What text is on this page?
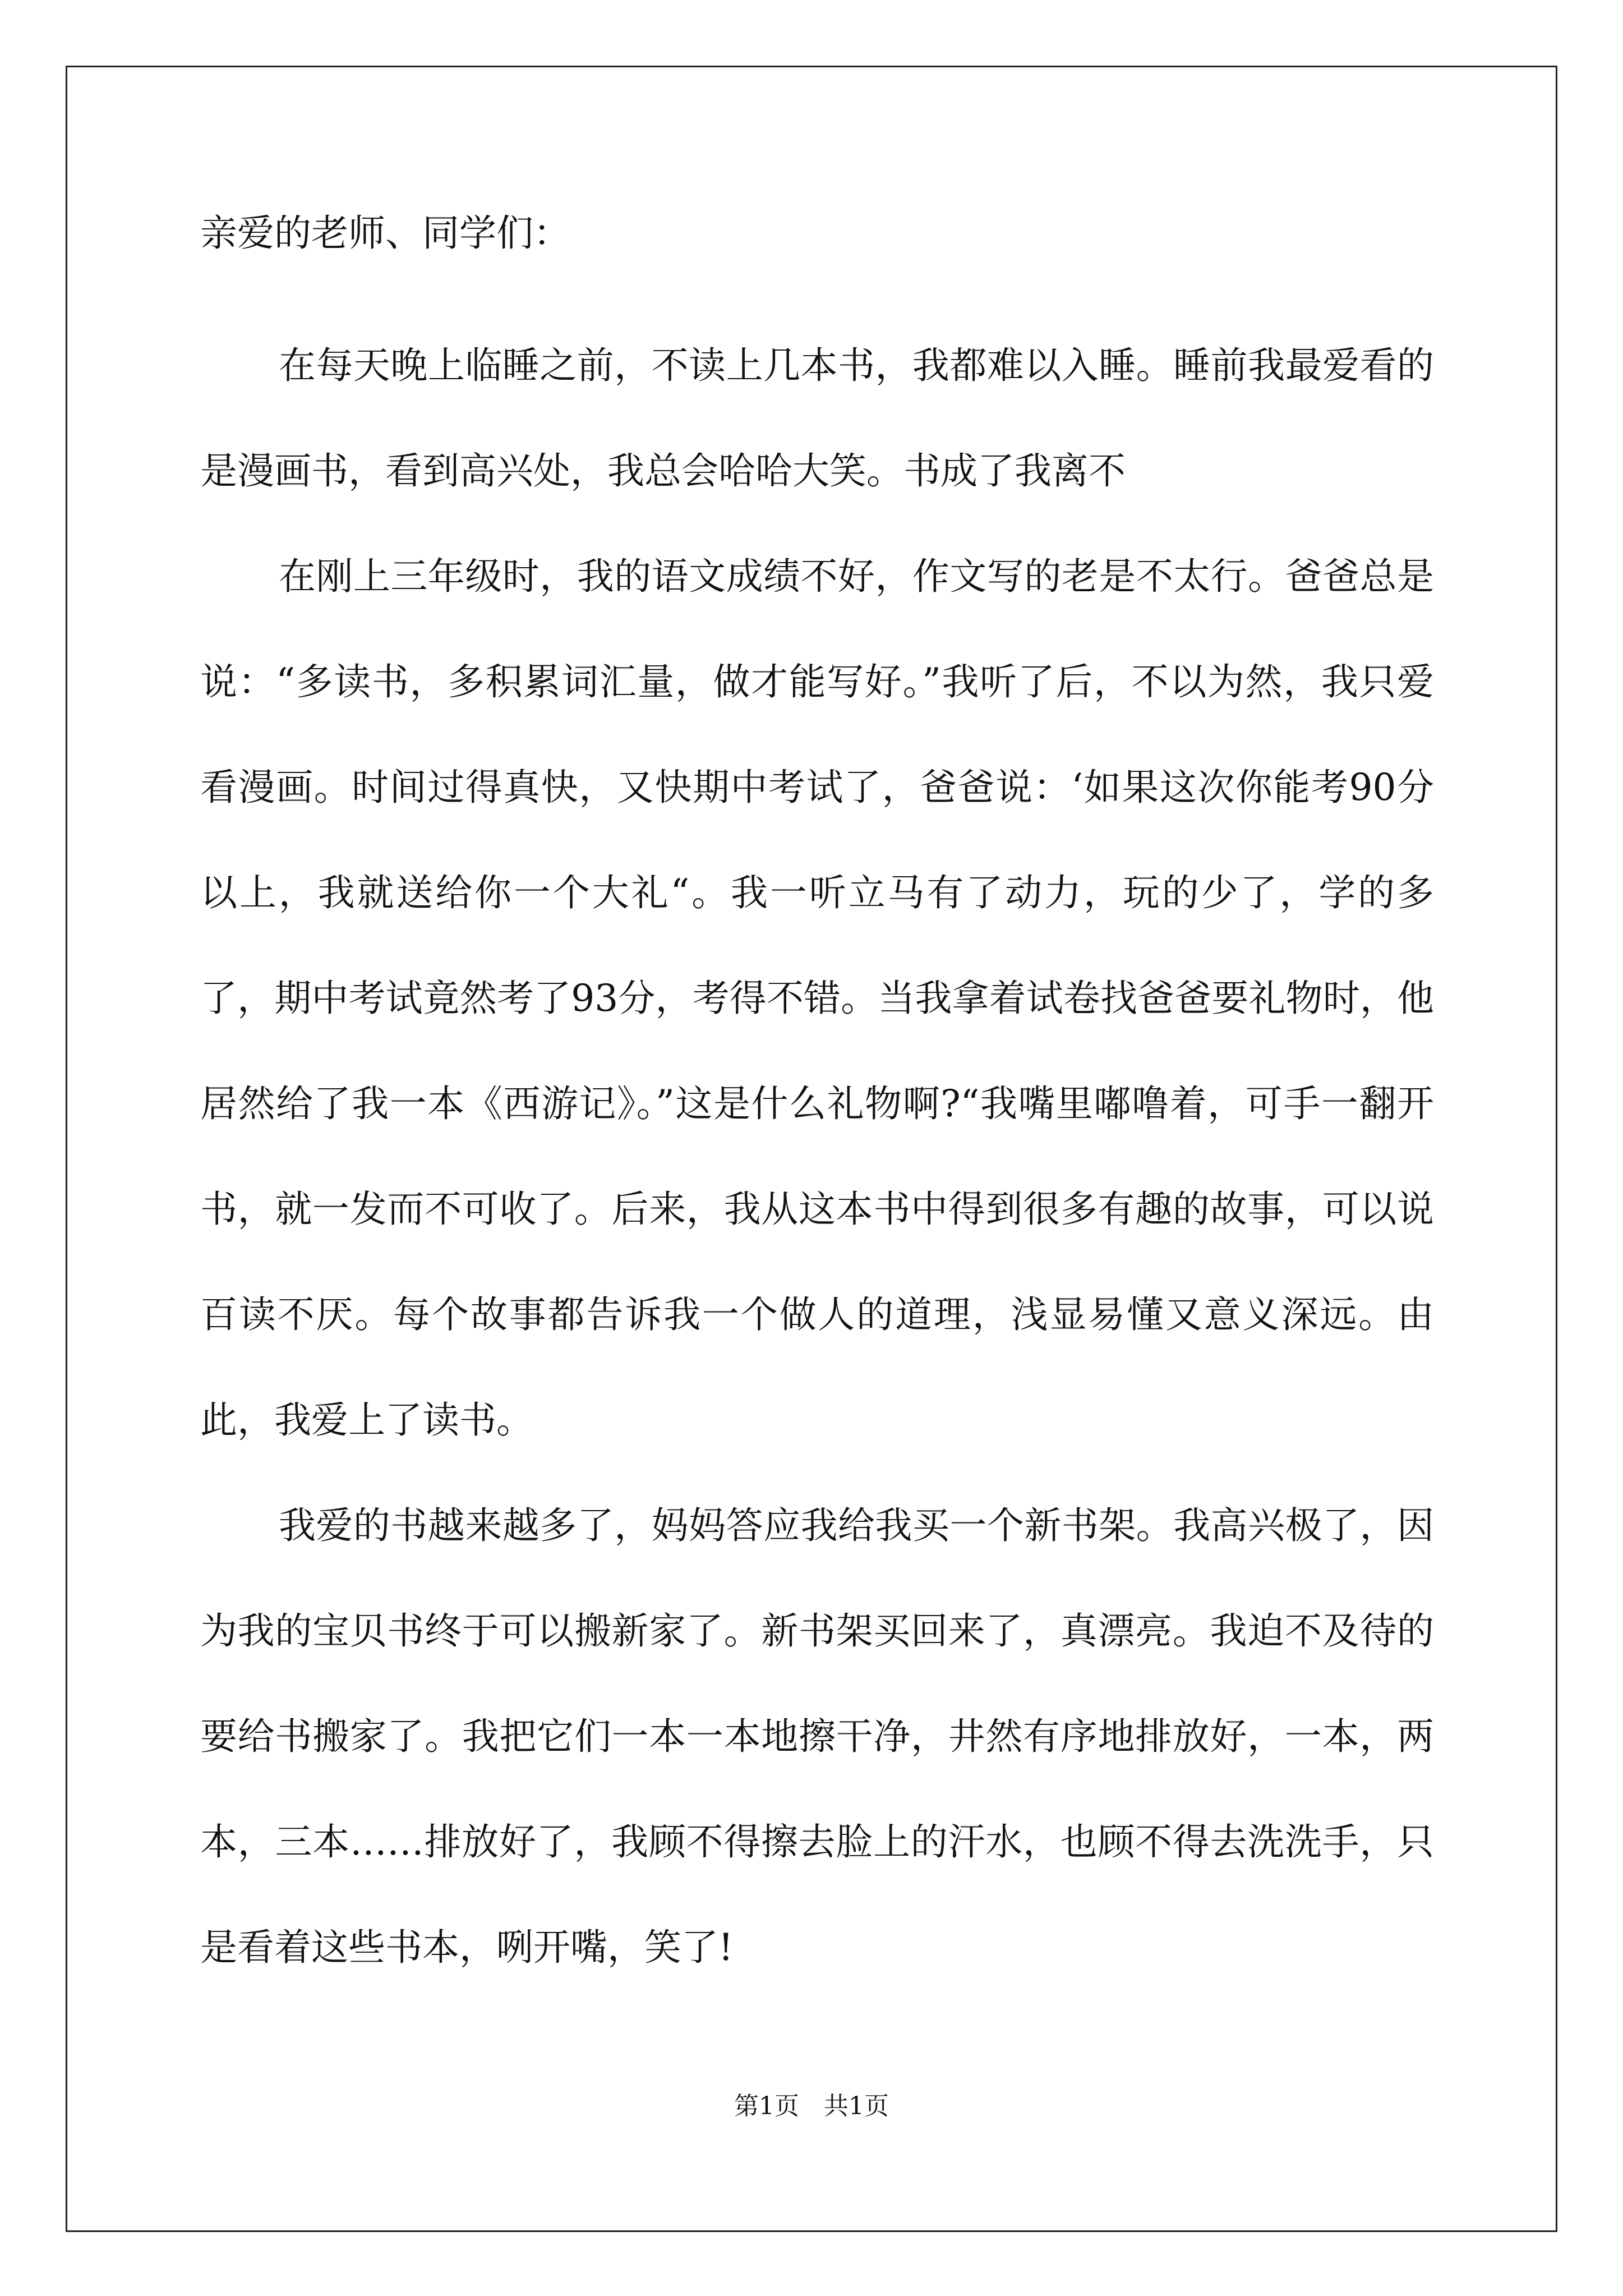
亲爱的老师、同学们：

在每天晚上临睡之前，不读上几本书，我都难以入睡。睡前我最爱看的是漫画书，看到高兴处，我总会哈哈大笑。书成了我离不

在刚上三年级时，我的语文成绩不好，作文写的老是不太行。爸爸总是说：“多读书，多积累词汇量，做才能写好。”我听了后，不以为然，我只爱看漫画。时间过得真快，又快期中考试了，爸爸说：‘如果这次你能考90分以上，我就送给你一个大礼“。我一听立马有了动力，玩的少了，学的多了，期中考试竟然考了93分，考得不错。当我拿着试卷找爸爸要礼物时，他居然给了我一本《西游记》。”这是什么礼物啊?“我嘴里嘟噜着，可手一翻开书，就一发而不可收了。后来，我从这本书中得到很多有趣的故事，可以说百读不厌。每个故事都告诉我一个做人的道理，浅显易懂又意义深远。由此，我爱上了读书。

我爱的书越来越多了，妈妈答应我给我买一个新书架。我高兴极了，因为我的宝贝书终于可以搬新家了。新书架买回来了，真漂亮。我迫不及待的要给书搬家了。我把它们一本一本地擦干净，井然有序地排放好，一本，两本，三本……排放好了，我顾不得擦去脸上的汗水，也顾不得去洗洗手，只是看着这些书本，咧开嘴，笑了!

第1页　共1页
